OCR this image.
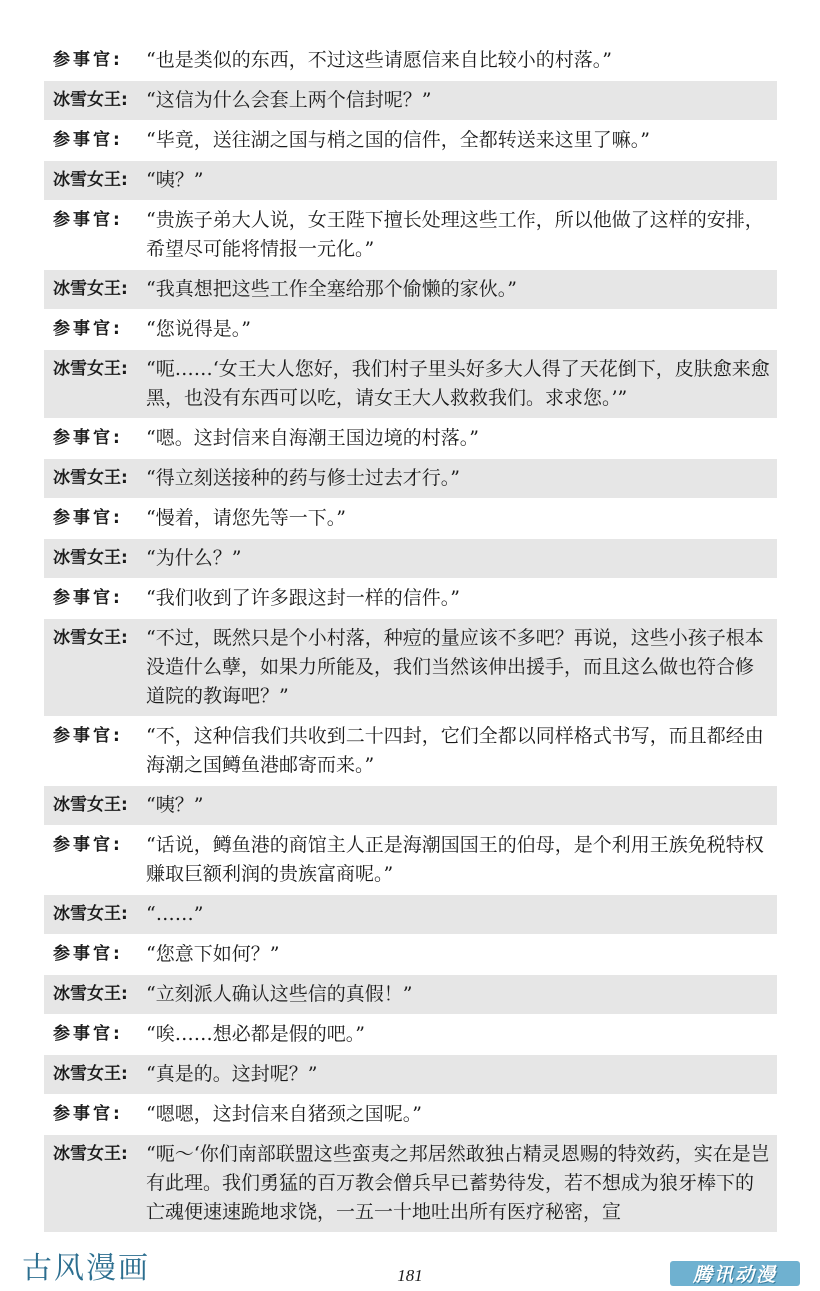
参事官:	“也是类似的东西，不过这些请愿信来自比较小的村落。”
冰雪女王: “这信为什么会套上两个信封呢？”
参事官:	“毕竟，送往湖之国与梢之国的信件，全都转送来这里了嘛。”
冰雪女王: “咦？”
参事官:	“贵族子弟大人说，女王陛下擅长处理这些工作，所以他做了这样的安排，希望尽可能将情报一元化。”
冰雪女王: “我真想把这些工作全塞给那个偷懒的家伙。”
参事官:	“您说得是。”
冰雪女王: “呃……‘女王大人您好，我们村子里头好多大人得了天花倒下，皮肤愈来愈黑，也没有东西可以吃，请女王大人救救我们。求求您。’”
参事官:	“嗯。这封信来自海潮王国边境的村落。”
冰雪女王: “得立刻送接种的药与修士过去才行。”
参事官:	“慢着，请您先等一下。”
冰雪女王: “为什么？”
参事官:	“我们收到了许多跟这封一样的信件。”
冰雪女王: “不过，既然只是个小村落，种痘的量应该不多吧？再说，这些小孩子根本没造什么孽，如果力所能及，我们当然该伸出援手，而且这么做也符合修道院的教诲吧？”
参事官:	“不，这种信我们共收到二十四封，它们全都以同样格式书写，而且都经由海潮之国鳟鱼港邮寄而来。”
冰雪女王: “咦？”
参事官:	“话说，鳟鱼港的商馆主人正是海潮国国王的伯母，是个利用王族免税特权赚取巨额利润的贵族富商呢。”
冰雪女王: “……”
参事官:	“您意下如何？”
冰雪女王: “立刻派人确认这些信的真假！”
参事官:	“唉……想必都是假的吧。”
冰雪女王: “真是的。这封呢？”
参事官:	“嗯嗯，这封信来自猪颈之国呢。”
冰雪女王: “呃～‘你们南部联盟这些蛮夷之邦居然敢独占精灵恩赐的特效药，实在是岂有此理。我们勇猛的百万教会僧兵早已蓄势待发，若不想成为狼牙棒下的亡魂便速速跪地求饶，一五一十地吐出所有医疗秘密，宣
古风漫画	181	腾讯动漫
